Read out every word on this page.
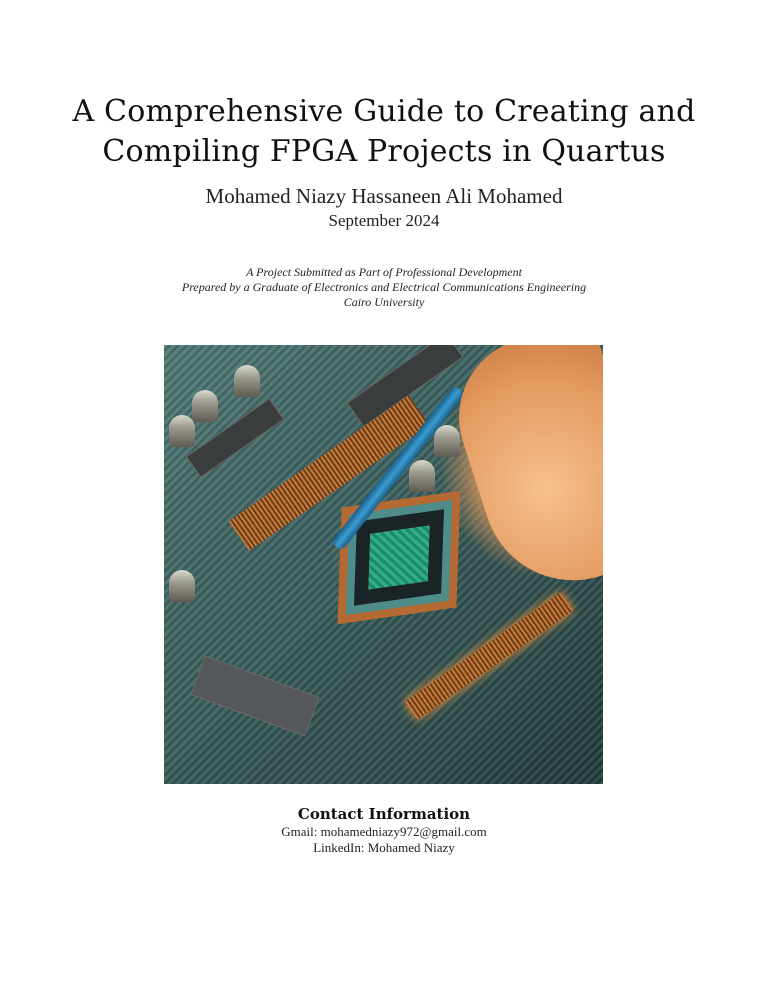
A Comprehensive Guide to Creating and
Compiling FPGA Projects in Quartus
Mohamed Niazy Hassaneen Ali Mohamed
September 2024
A Project Submitted as Part of Professional Development
Prepared by a Graduate of Electronics and Electrical Communications Engineering
Cairo University
Contact Information
Gmail: mohamedniazy972@gmail.com
LinkedIn: Mohamed Niazy
